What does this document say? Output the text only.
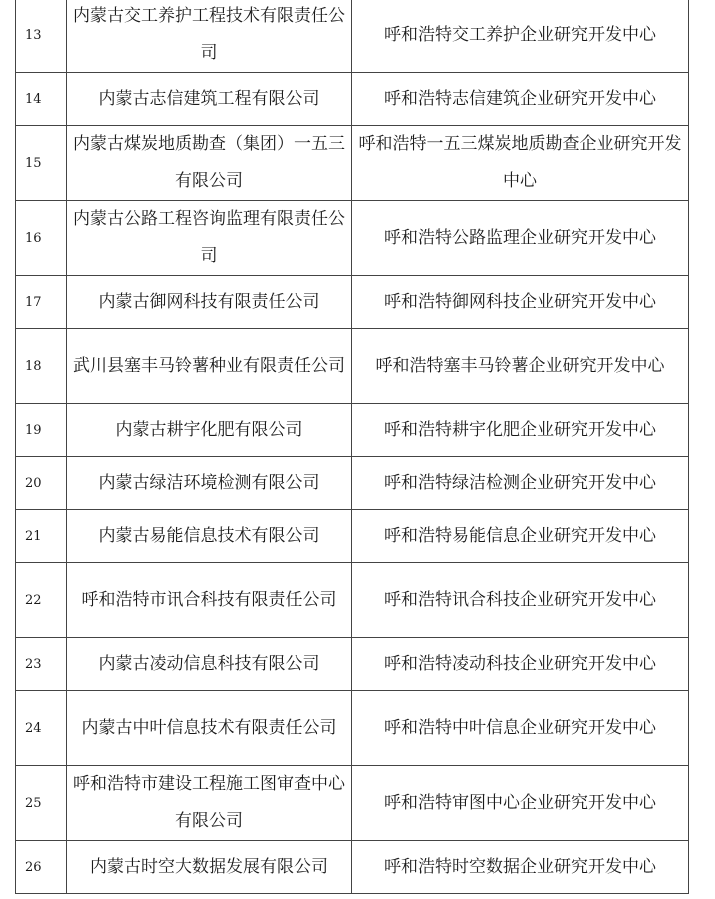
13	内蒙古交工养护工程技术有限责任公司	呼和浩特交工养护企业研究开发中心
14	内蒙古志信建筑工程有限公司	呼和浩特志信建筑企业研究开发中心
15	内蒙古煤炭地质勘查（集团）一五三有限公司	呼和浩特一五三煤炭地质勘查企业研究开发中心
16	内蒙古公路工程咨询监理有限责任公司	呼和浩特公路监理企业研究开发中心
17	内蒙古御网科技有限责任公司	呼和浩特御网科技企业研究开发中心
18	武川县塞丰马铃薯种业有限责任公司	呼和浩特塞丰马铃薯企业研究开发中心
19	内蒙古耕宇化肥有限公司	呼和浩特耕宇化肥企业研究开发中心
20	内蒙古绿洁环境检测有限公司	呼和浩特绿洁检测企业研究开发中心
21	内蒙古易能信息技术有限公司	呼和浩特易能信息企业研究开发中心
22	呼和浩特市讯合科技有限责任公司	呼和浩特讯合科技企业研究开发中心
23	内蒙古凌动信息科技有限公司	呼和浩特凌动科技企业研究开发中心
24	内蒙古中叶信息技术有限责任公司	呼和浩特中叶信息企业研究开发中心
25	呼和浩特市建设工程施工图审查中心有限公司	呼和浩特审图中心企业研究开发中心
26	内蒙古时空大数据发展有限公司	呼和浩特时空数据企业研究开发中心
